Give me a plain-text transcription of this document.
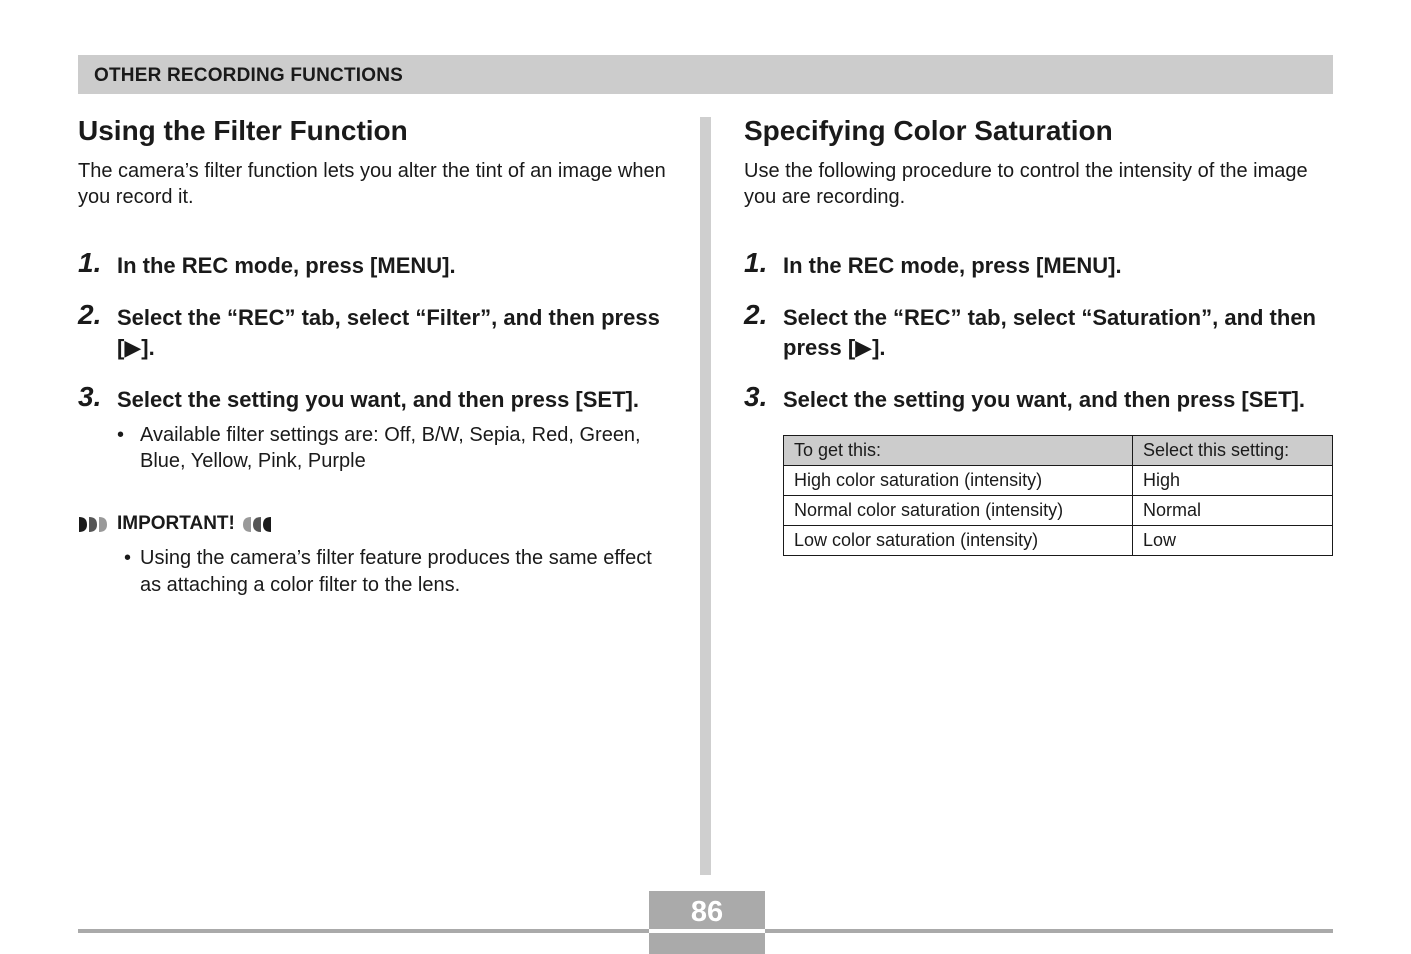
OTHER RECORDING FUNCTIONS
Using the Filter Function

The camera’s filter function lets you alter the tint of an image when you record it.

1. In the REC mode, press [MENU].
2. Select the “REC” tab, select “Filter”, and then press [▶].
3. Select the setting you want, and then press [SET].
• Available filter settings are: Off, B/W, Sepia, Red, Green, Blue, Yellow, Pink, Purple
IMPORTANT!
• Using the camera’s filter feature produces the same effect as attaching a color filter to the lens.
Specifying Color Saturation

Use the following procedure to control the intensity of the image you are recording.

1. In the REC mode, press [MENU].
2. Select the “REC” tab, select “Saturation”, and then press [▶].
3. Select the setting you want, and then press [SET].
To get this:	Select this setting:
High color saturation (intensity)	High
Normal color saturation (intensity)	Normal
Low color saturation (intensity)	Low
86
